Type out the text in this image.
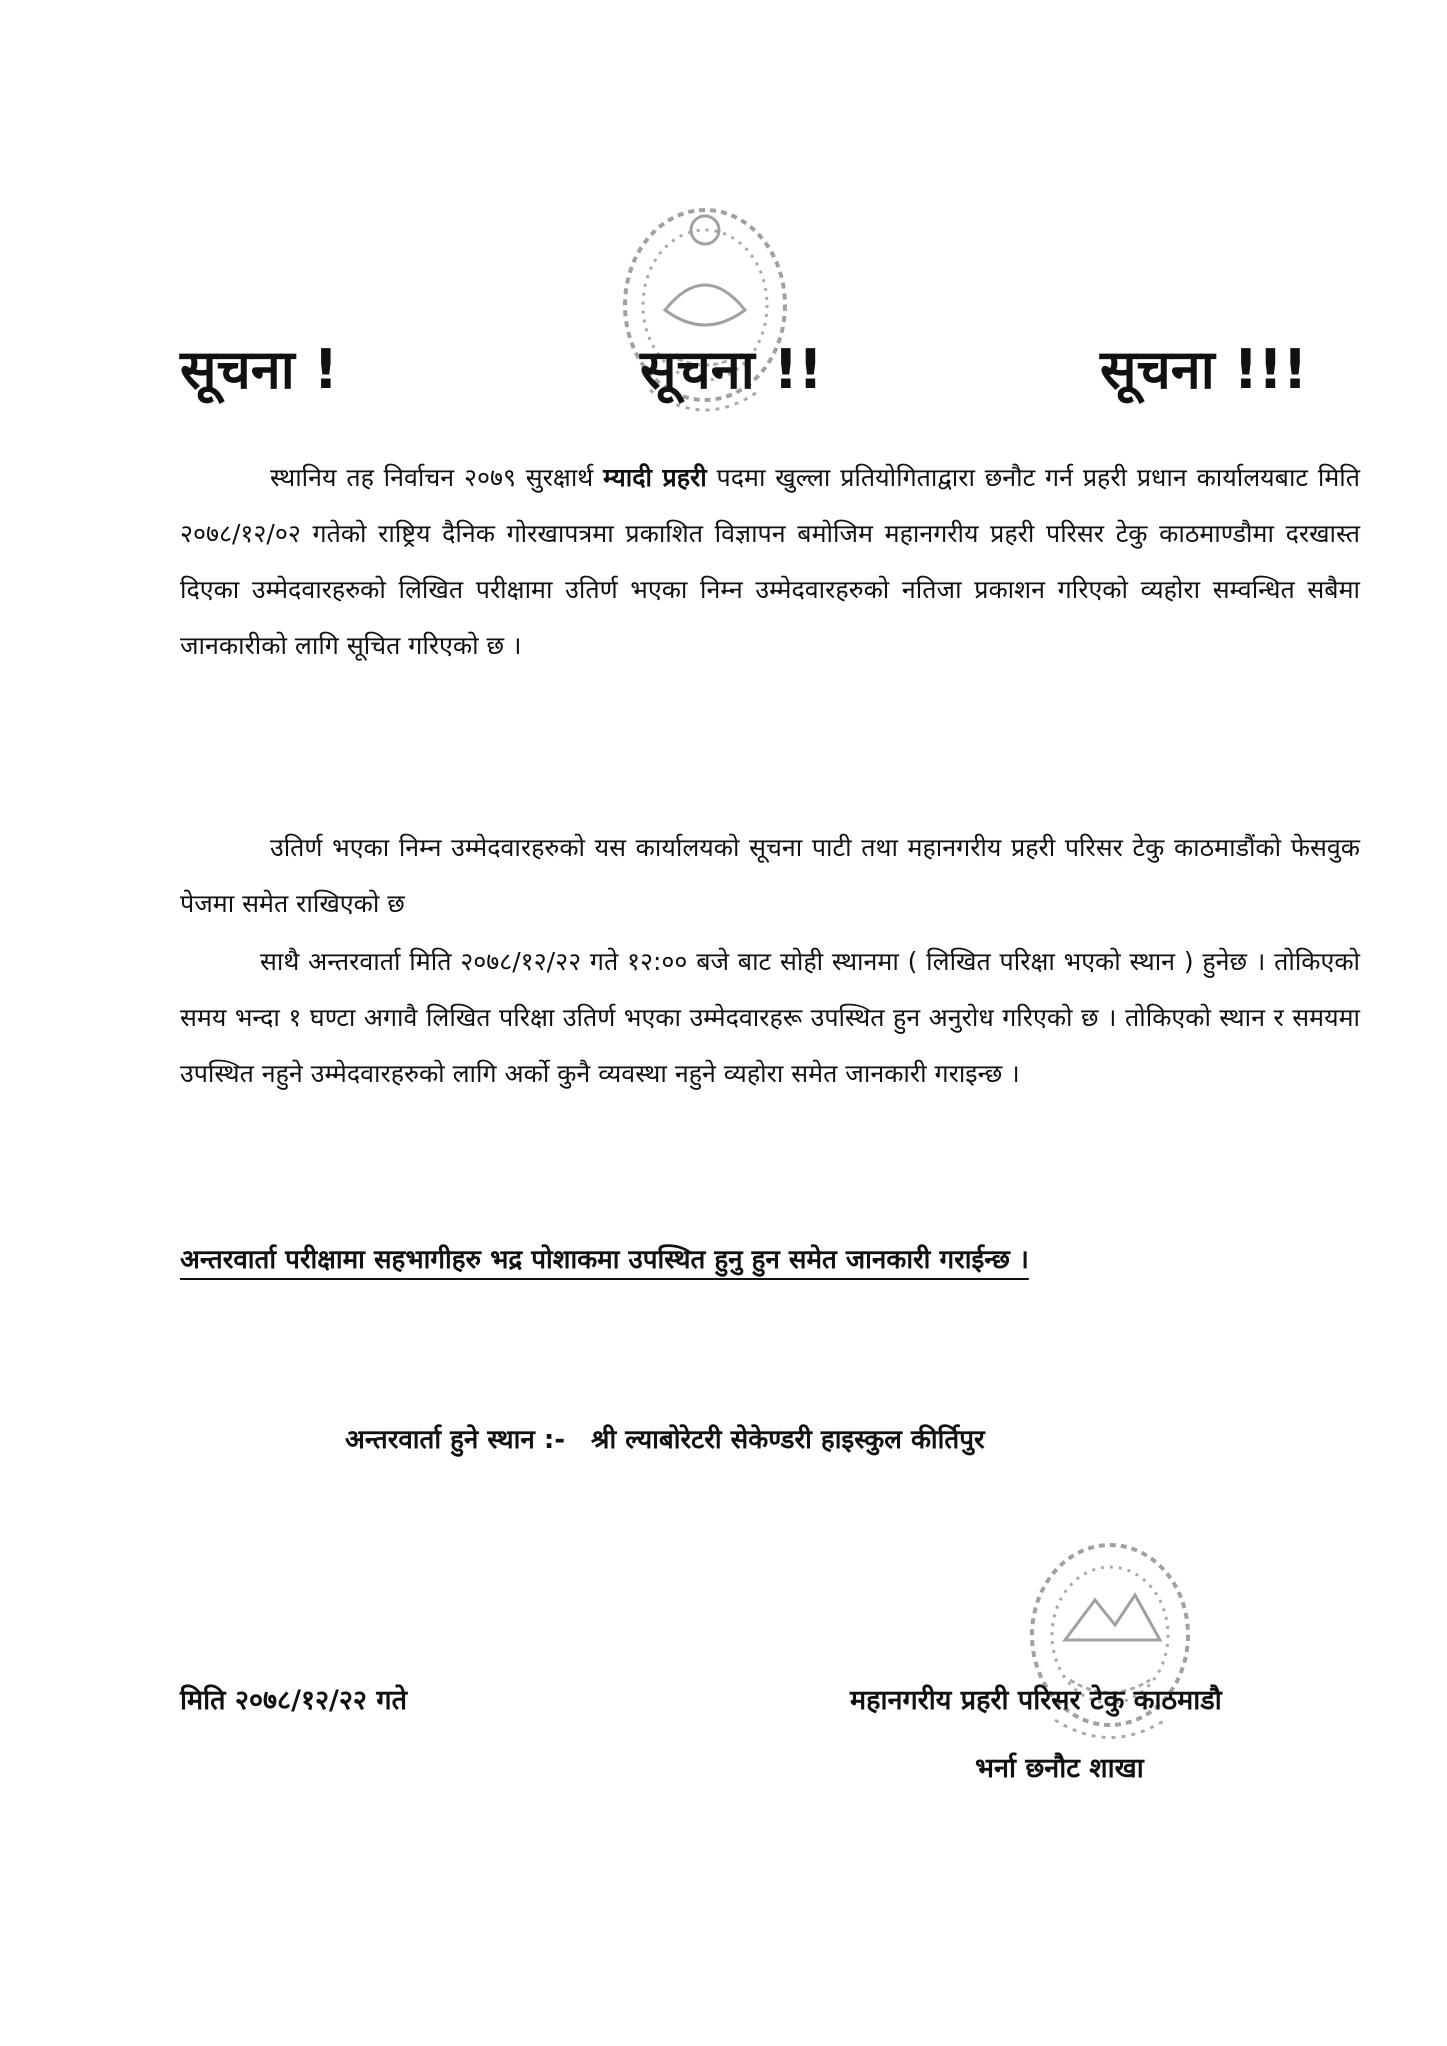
सूचना !	सूचना !!	सूचना !!!
स्थानिय तह निर्वाचन २०७९ सुरक्षार्थ म्यादी प्रहरी पदमा खुल्ला प्रतियोगिताद्वारा छनौट गर्न प्रहरी प्रधान कार्यालयबाट मिति २०७८/१२/०२ गतेको राष्ट्रिय दैनिक गोरखापत्रमा प्रकाशित विज्ञापन बमोजिम महानगरीय प्रहरी परिसर टेकु काठमाण्डौमा दरखास्त दिएका उम्मेदवारहरुको लिखित परीक्षामा उतिर्ण भएका निम्न उम्मेदवारहरुको नतिजा प्रकाशन गरिएको व्यहोरा सम्वन्धित सबैमा जानकारीको लागि सूचित गरिएको छ ।
उतिर्ण भएका निम्न उम्मेदवारहरुको यस कार्यालयको सूचना पाटी तथा महानगरीय प्रहरी परिसर टेकु काठमाडौंको फेसवुक पेजमा समेत राखिएको छ
साथै अन्तरवार्ता मिति २०७८/१२/२२ गते १२:०० बजे बाट सोही स्थानमा ( लिखित परिक्षा भएको स्थान ) हुनेछ । तोकिएको समय भन्दा १ घण्टा अगावै लिखित परिक्षा उतिर्ण भएका उम्मेदवारहरू उपस्थित हुन अनुरोध गरिएको छ । तोकिएको स्थान र समयमा उपस्थित नहुने उम्मेदवारहरुको लागि अर्को कुनै व्यवस्था नहुने व्यहोरा समेत जानकारी गराइन्छ ।
अन्तरवार्ता परीक्षामा सहभागीहरु भद्र पोशाकमा उपस्थित हुनु हुन समेत जानकारी गराईन्छ ।
अन्तरवार्ता हुने स्थान :- श्री ल्याबोरेटरी सेकेण्डरी हाइस्कुल कीर्तिपुर
मिति २०७८/१२/२२ गते	महानगरीय प्रहरी परिसर टेकु काठमाडौ
भर्ना छनौट शाखा
